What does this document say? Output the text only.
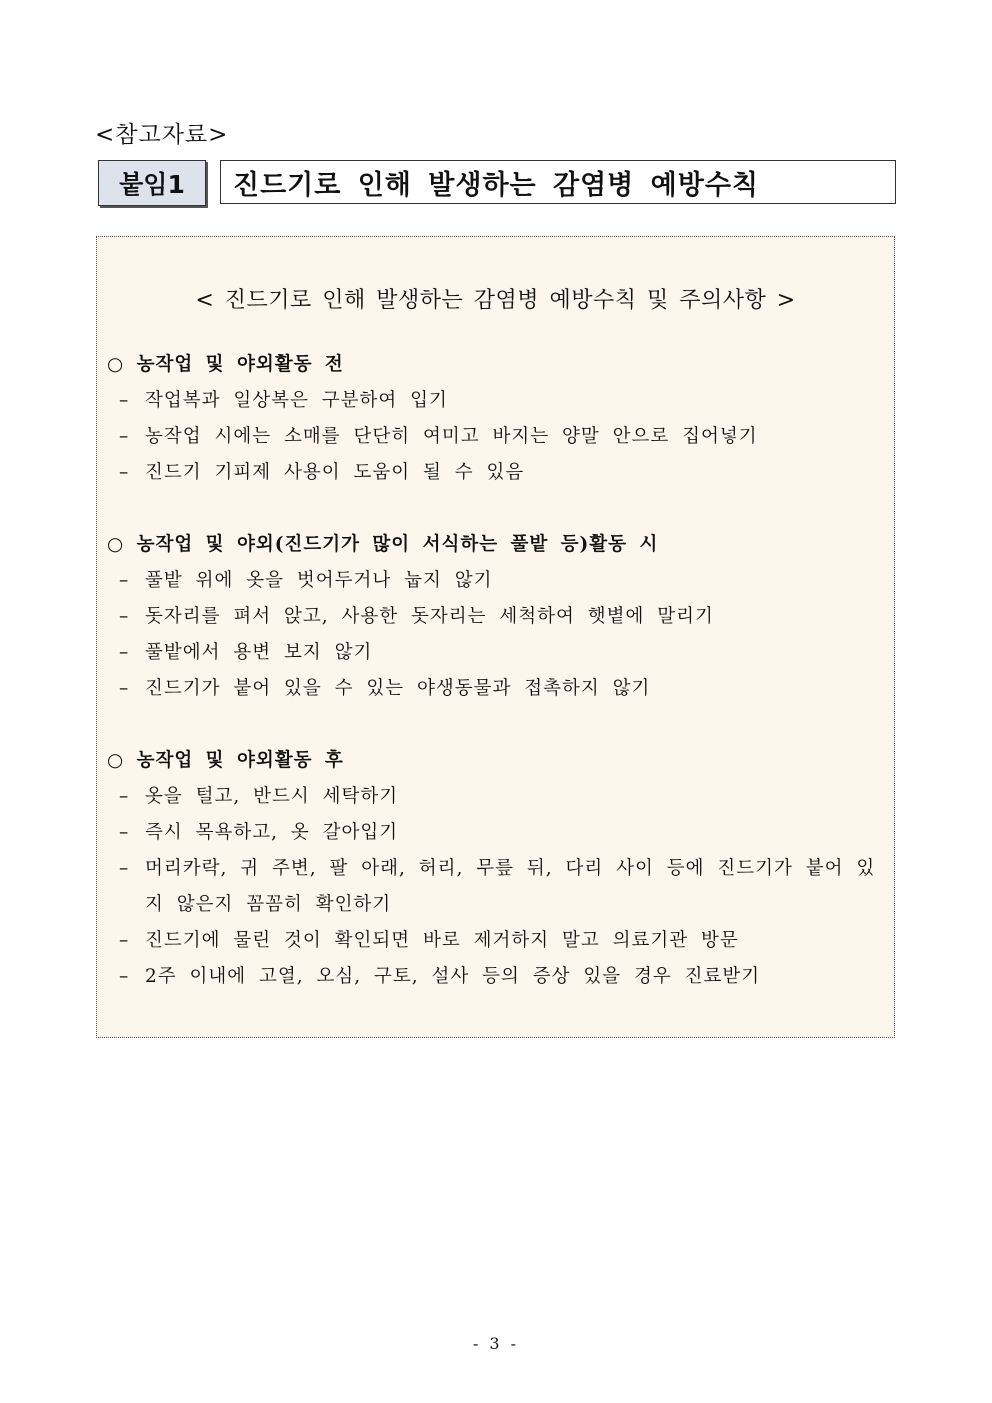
<참고자료>
붙임1	진드기로 인해 발생하는 감염병 예방수칙
< 진드기로 인해 발생하는 감염병 예방수칙 및 주의사항 >
○ 농작업 및 야외활동 전
– 작업복과 일상복은 구분하여 입기
– 농작업 시에는 소매를 단단히 여미고 바지는 양말 안으로 집어넣기
– 진드기 기피제 사용이 도움이 될 수 있음
○ 농작업 및 야외(진드기가 많이 서식하는 풀밭 등)활동 시
– 풀밭 위에 옷을 벗어두거나 눕지 않기
– 돗자리를 펴서 앉고, 사용한 돗자리는 세척하여 햇볕에 말리기
– 풀밭에서 용변 보지 않기
– 진드기가 붙어 있을 수 있는 야생동물과 접촉하지 않기
○ 농작업 및 야외활동 후
– 옷을 털고, 반드시 세탁하기
– 즉시 목욕하고, 옷 갈아입기
– 머리카락, 귀 주변, 팔 아래, 허리, 무릎 뒤, 다리 사이 등에 진드기가 붙어 있지 않은지 꼼꼼히 확인하기
– 진드기에 물린 것이 확인되면 바로 제거하지 말고 의료기관 방문
– 2주 이내에 고열, 오심, 구토, 설사 등의 증상 있을 경우 진료받기
- 3 -
